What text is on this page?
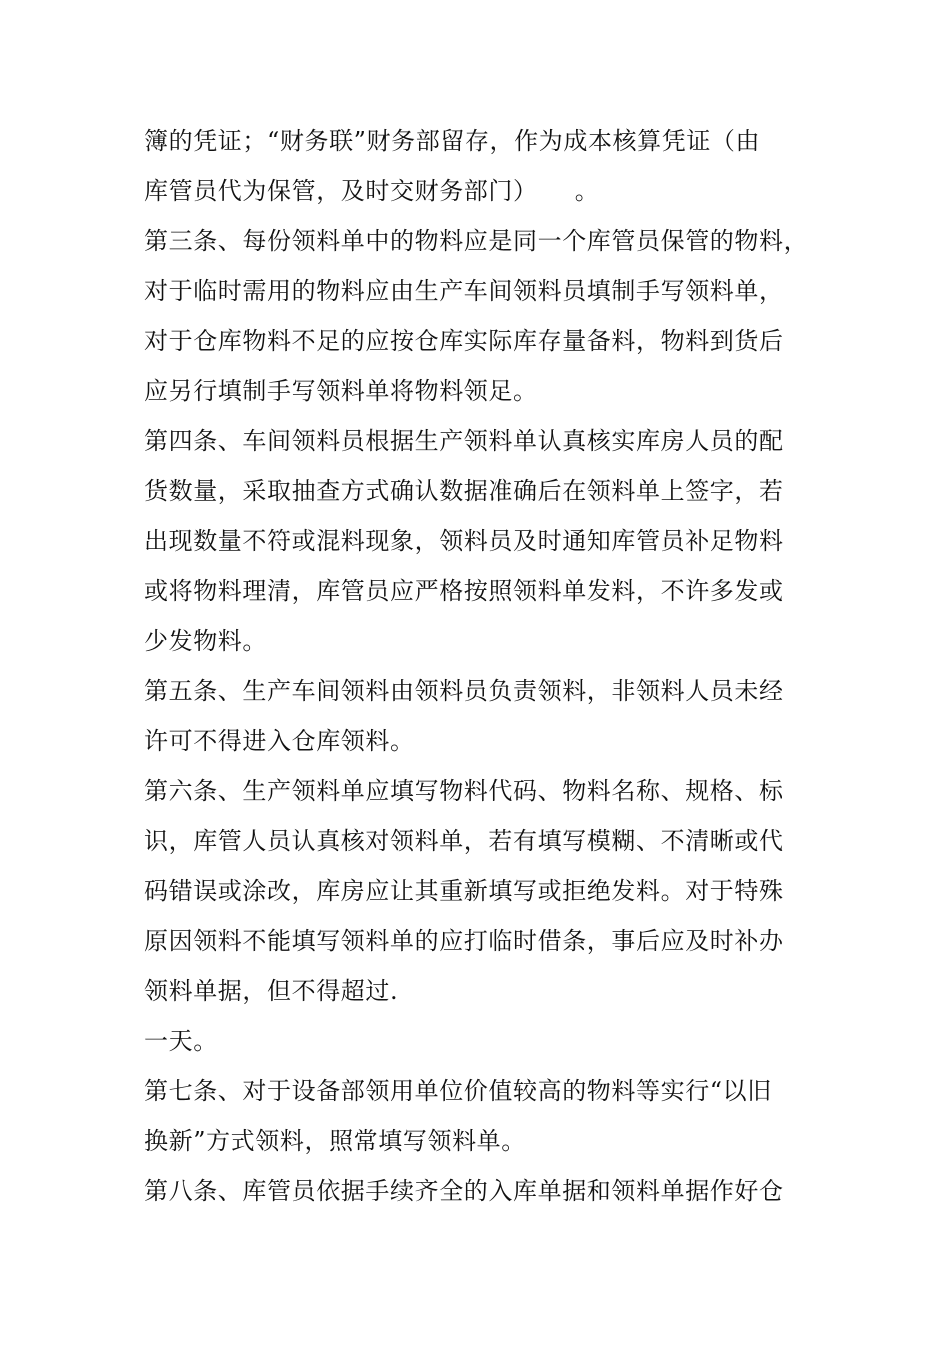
簿的凭证；“财务联”财务部留存，作为成本核算凭证（由
库管员代为保管，及时交财务部门）　　。
第三条、每份领料单中的物料应是同一个库管员保管的物料，
对于临时需用的物料应由生产车间领料员填制手写领料单，
对于仓库物料不足的应按仓库实际库存量备料，物料到货后
应另行填制手写领料单将物料领足。
第四条、车间领料员根据生产领料单认真核实库房人员的配
货数量，采取抽查方式确认数据准确后在领料单上签字，若
出现数量不符或混料现象，领料员及时通知库管员补足物料
或将物料理清，库管员应严格按照领料单发料，不许多发或
少发物料。
第五条、生产车间领料由领料员负责领料，非领料人员未经
许可不得进入仓库领料。
第六条、生产领料单应填写物料代码、物料名称、规格、标
识，库管人员认真核对领料单，若有填写模糊、不清晰或代
码错误或涂改，库房应让其重新填写或拒绝发料。对于特殊
原因领料不能填写领料单的应打临时借条，事后应及时补办
领料单据，但不得超过.
一天。
第七条、对于设备部领用单位价值较高的物料等实行“以旧
换新”方式领料，照常填写领料单。
第八条、库管员依据手续齐全的入库单据和领料单据作好仓
